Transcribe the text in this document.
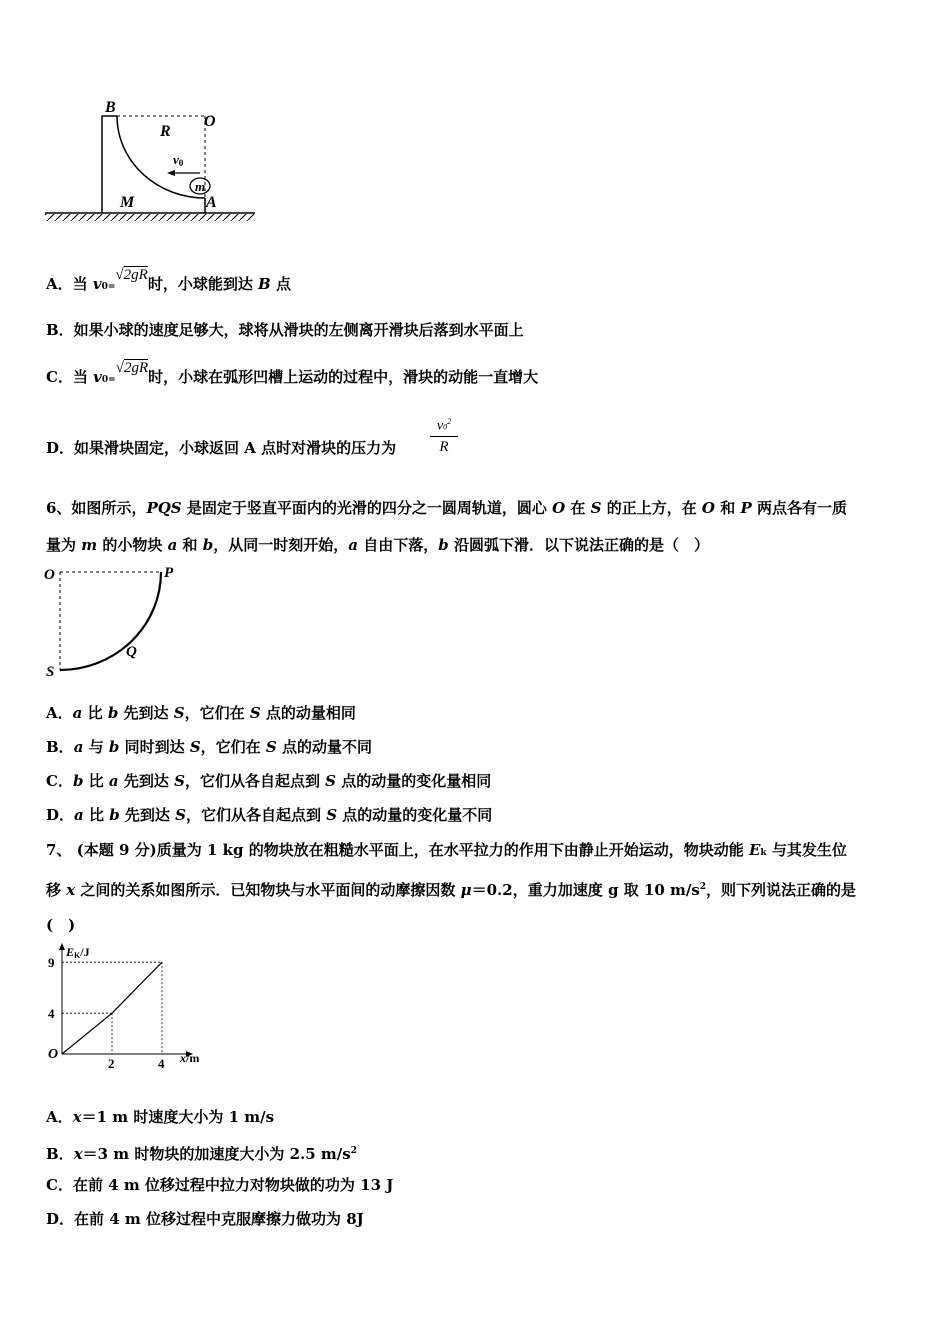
m
v0
B
O
R
M	A
A．当 v0=√2gR时，小球能到达 B 点
B．如果小球的速度足够大，球将从滑块的左侧离开滑块后落到水平面上
C．当 v0=√2gR时，小球在弧形凹槽上运动的过程中，滑块的动能一直增大
D．如果滑块固定，小球返回 A 点时对滑块的压力为 $\frac{v0^2}{R}$
6、如图所示，PQS 是固定于竖直平面内的光滑的四分之一圆周轨道，圆心 O 在 S 的正上方，在 O 和 P 两点各有一质
量为 m 的小物块 a 和 b，从同一时刻开始，a 自由下落，b 沿圆弧下滑．以下说法正确的是（　）
O	P
Q
S
A．a 比 b 先到达 S，它们在 S 点的动量相同
B．a 与 b 同时到达 S，它们在 S 点的动量不同
C．b 比 a 先到达 S，它们从各自起点到 S 点的动量的变化量相同
D．a 比 b 先到达 S，它们从各自起点到 S 点的动量的变化量不同
7、 (本题 9 分)质量为 1 kg 的物块放在粗糙水平面上，在水平拉力的作用下由静止开始运动，物块动能 Ek 与其发生位
移 x 之间的关系如图所示．已知物块与水平面间的动摩擦因数 μ＝0.2，重力加速度 g 取 10 $m/s^2$，则下列说法正确的是
(　)
EK/J
x/m
O
2	4
4
9
A．x＝1 m 时速度大小为 1 m/s
B．x＝3 m 时物块的加速度大小为 2.5 $m/s^2$
C．在前 4 m 位移过程中拉力对物块做的功为 13 J
D．在前 4 m 位移过程中克服摩擦力做功为 8J
